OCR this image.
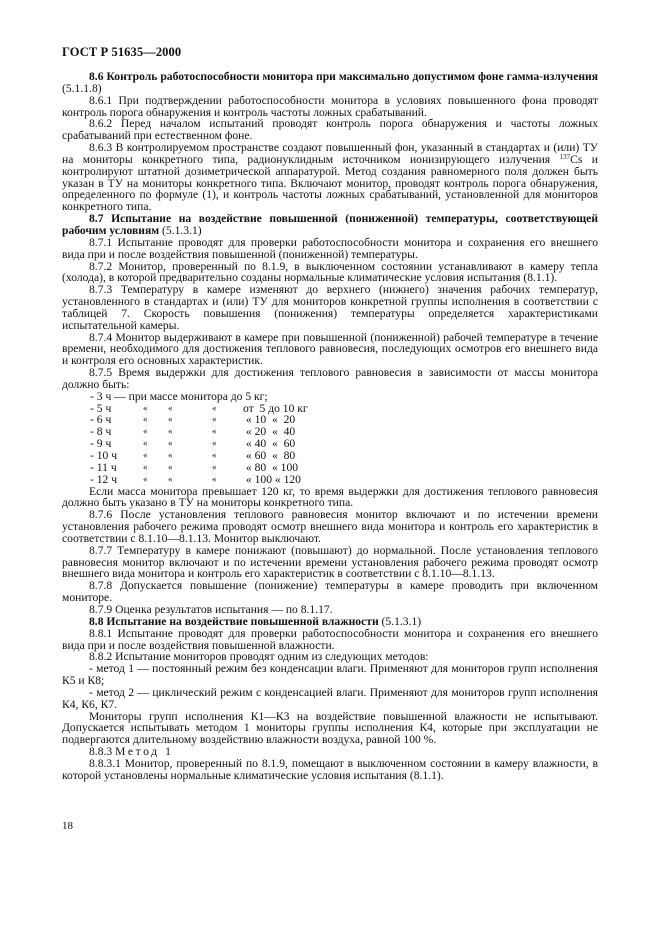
ГОСТ Р 51635—2000

8.6 Контроль работоспособности монитора при максимально допустимом фоне гамма-излучения (5.1.1.8)

8.6.1 При подтверждении работоспособности монитора в условиях повышенного фона проводят контроль порога обнаружения и контроль частоты ложных срабатываний.

8.6.2 Перед началом испытаний проводят контроль порога обнаружения и частоты ложных срабатываний при естественном фоне.

8.6.3 В контролируемом пространстве создают повышенный фон, указанный в стандартах и (или) ТУ на мониторы конкретного типа, радионуклидным источником ионизирующего излучения $^{137}$Cs и контролируют штатной дозиметрической аппаратурой. Метод создания равномерного поля должен быть указан в ТУ на мониторы конкретного типа. Включают монитор, проводят контроль порога обнаружения, определенного по формуле (1), и контроль частоты ложных срабатываний, установленной для мониторов конкретного типа.

8.7 Испытание на воздействие повышенной (пониженной) температуры, соответствующей рабочим условиям (5.1.3.1)

8.7.1 Испытание проводят для проверки работоспособности монитора и сохранения его внешнего вида при и после воздействия повышенной (пониженной) температуры.

8.7.2 Монитор, проверенный по 8.1.9, в выключенном состоянии устанавливают в камеру тепла (холода), в которой предварительно созданы нормальные климатические условия испытания (8.1.1).

8.7.3 Температуру в камере изменяют до верхнего (нижнего) значения рабочих температур, установленного в стандартах и (или) ТУ для мониторов конкретной группы исполнения в соответствии с таблицей 7. Скорость повышения (понижения) температуры определяется характеристиками испытательной камеры.

8.7.4 Монитор выдерживают в камере при повышенной (пониженной) рабочей температуре в течение времени, необходимого для достижения теплового равновесия, последующих осмотров его внешнего вида и контроля его основных характеристик.

8.7.5 Время выдержки для достижения теплового равновесия в зависимости от массы монитора должно быть:

- 3 ч — при массе монитора до 5 кг;
- 5 ч	« «	« от  5 до 10 кг
- 6 ч	« «	« « 10  «  20
- 8 ч	« «	« « 20  «  40
- 9 ч	« «	« « 40  «  60
- 10 ч	« «	« « 60  «  80
- 11 ч	« «	« « 80  « 100
- 12 ч	« «	« « 100 « 120

Если масса монитора превышает 120 кг, то время выдержки для достижения теплового равновесия должно быть указано в ТУ на мониторы конкретного типа.

8.7.6 После установления теплового равновесия монитор включают и по истечении времени установления рабочего режима проводят осмотр внешнего вида монитора и контроль его характеристик в соответствии с 8.1.10—8.1.13. Монитор выключают.

8.7.7 Температуру в камере понижают (повышают) до нормальной. После установления теплового равновесия монитор включают и по истечении времени установления рабочего режима проводят осмотр внешнего вида монитора и контроль его характеристик в соответствии с 8.1.10—8.1.13.

8.7.8 Допускается повышение (понижение) температуры в камере проводить при включенном мониторе.

8.7.9 Оценка результатов испытания — по 8.1.17.

8.8 Испытание на воздействие повышенной влажности (5.1.3.1)

8.8.1 Испытание проводят для проверки работоспособности монитора и сохранения его внешнего вида при и после воздействия повышенной влажности.

8.8.2 Испытание мониторов проводят одним из следующих методов:

- метод 1 — постоянный режим без конденсации влаги. Применяют для мониторов групп исполнения К5 и К8;

- метод 2 — циклический режим с конденсацией влаги. Применяют для мониторов групп исполнения К4, К6, К7.

Мониторы групп исполнения К1—К3 на воздействие повышенной влажности не испытывают. Допускается испытывать методом 1 мониторы группы исполнения К4, которые при эксплуатации не подвергаются длительному воздействию влажности воздуха, равной 100 %.

8.8.3 Метод 1

8.8.3.1 Монитор, проверенный по 8.1.9, помещают в выключенном состоянии в камеру влажности, в которой установлены нормальные климатические условия испытания (8.1.1).

18
